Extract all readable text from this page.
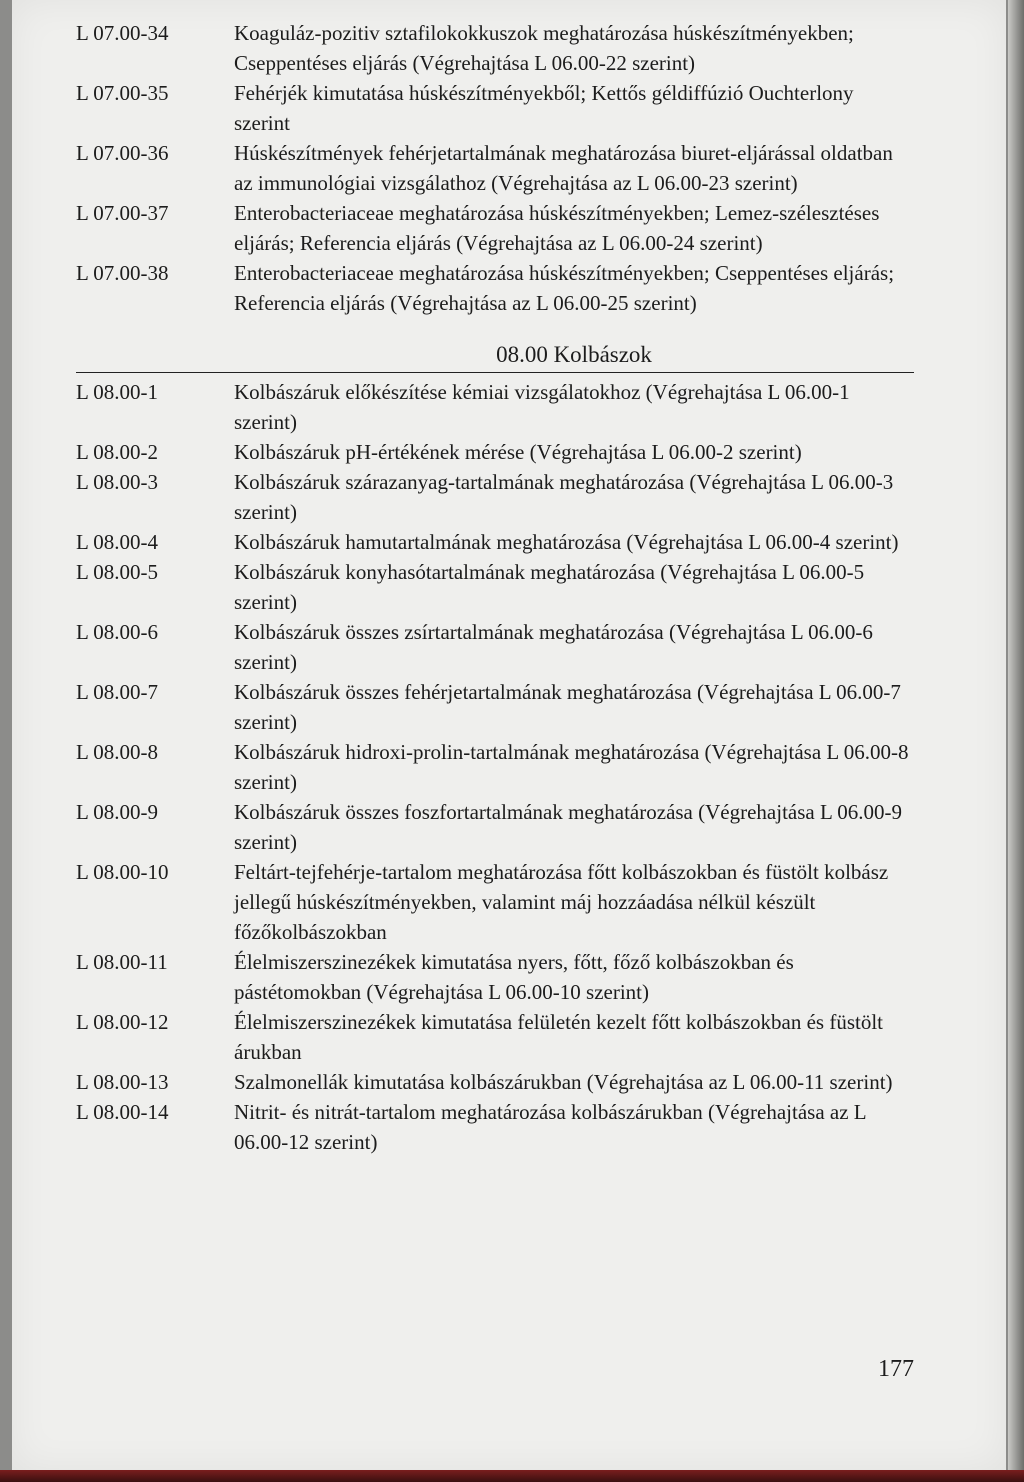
L 07.00-34	Koaguláz-pozitiv sztafilokokkuszok meghatározása húskészítményekben; Cseppentéses eljárás (Végrehajtása L 06.00-22 szerint)
L 07.00-35	Fehérjék kimutatása húskészítményekből; Kettős géldiffúzió Ouchterlony szerint
L 07.00-36	Húskészítmények fehérjetartalmának meghatározása biuret-eljárással oldatban az immunológiai vizsgálathoz (Végrehajtása az L 06.00-23 szerint)
L 07.00-37	Enterobacteriaceae meghatározása húskészítményekben; Lemez-szélesztéses eljárás; Referencia eljárás (Végrehajtása az L 06.00-24 szerint)
L 07.00-38	Enterobacteriaceae meghatározása húskészítményekben; Cseppentéses eljárás; Referencia eljárás (Végrehajtása az L 06.00-25 szerint)
08.00 Kolbászok
L 08.00-1	Kolbászáruk előkészítése kémiai vizsgálatokhoz (Végrehajtása L 06.00-1 szerint)
L 08.00-2	Kolbászáruk pH-értékének mérése (Végrehajtása L 06.00-2 szerint)
L 08.00-3	Kolbászáruk szárazanyag-tartalmának meghatározása (Végrehajtása L 06.00-3 szerint)
L 08.00-4	Kolbászáruk hamutartalmának meghatározása (Végrehajtása L 06.00-4 szerint)
L 08.00-5	Kolbászáruk konyhasótartalmának meghatározása (Végrehajtása L 06.00-5 szerint)
L 08.00-6	Kolbászáruk összes zsírtartalmának meghatározása (Végrehajtása L 06.00-6 szerint)
L 08.00-7	Kolbászáruk összes fehérjetartalmának meghatározása (Végrehajtása L 06.00-7 szerint)
L 08.00-8	Kolbászáruk hidroxi-prolin-tartalmának meghatározása (Végrehajtása L 06.00-8 szerint)
L 08.00-9	Kolbászáruk összes foszfortartalmának meghatározása (Végrehajtása L 06.00-9 szerint)
L 08.00-10	Feltárt-tejfehérje-tartalom meghatározása főtt kolbászokban és füstölt kolbász jellegű húskészítményekben, valamint máj hozzáadása nélkül készült főzőkolbászokban
L 08.00-11	Élelmiszerszinezékek kimutatása nyers, főtt, főző kolbászokban és pástétomokban (Végrehajtása L 06.00-10 szerint)
L 08.00-12	Élelmiszerszinezékek kimutatása felületén kezelt főtt kolbászokban és füstölt árukban
L 08.00-13	Szalmonellák kimutatása kolbászárukban (Végrehajtása az L 06.00-11 szerint)
L 08.00-14	Nitrit- és nitrát-tartalom meghatározása kolbászárukban (Végrehajtása az L 06.00-12 szerint)
177
